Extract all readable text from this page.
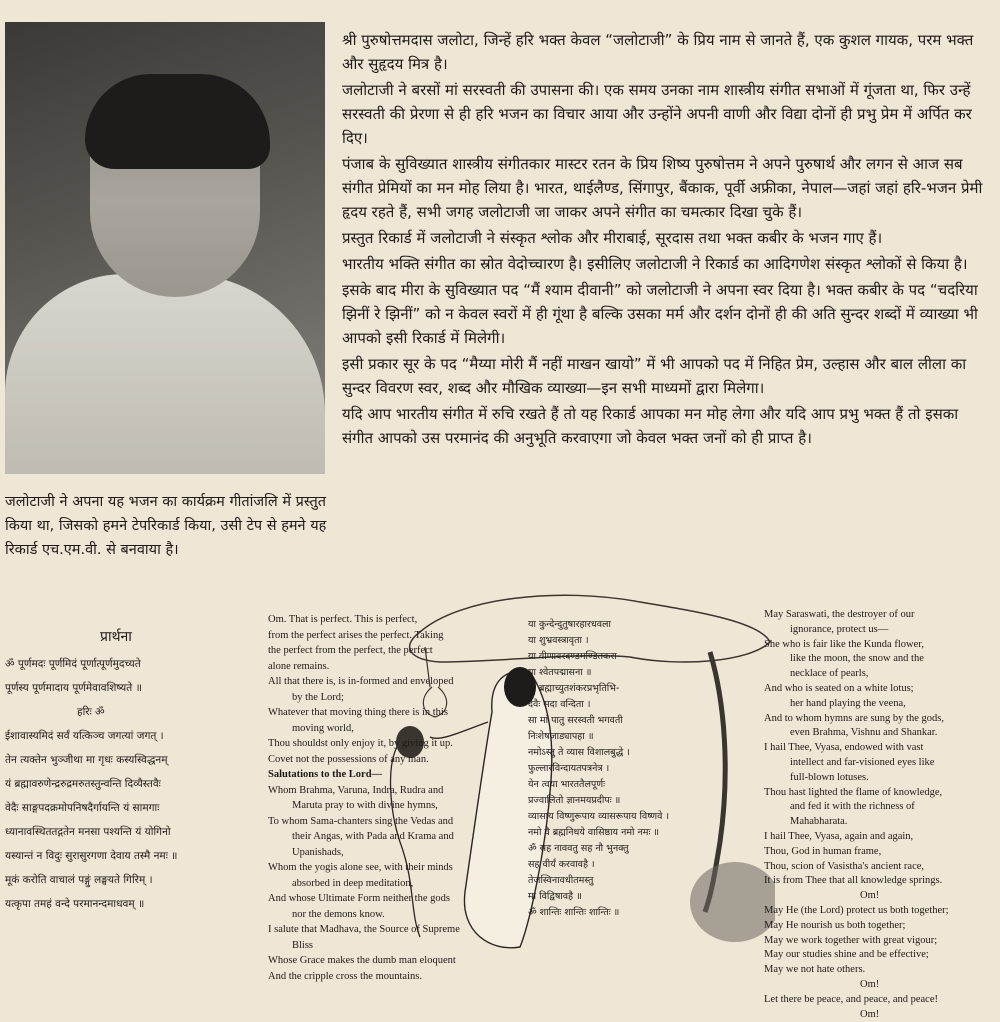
श्री पुरुषोत्तमदास जलोटा, जिन्हें हरि भक्त केवल “जलोटाजी” के प्रिय नाम से जानते हैं, एक कुशल गायक, परम भक्त और सुहृदय मित्र है।

जलोटाजी ने बरसों मां सरस्वती की उपासना की। एक समय उनका नाम शास्त्रीय संगीत सभाओं में गूंजता था, फिर उन्हें सरस्वती की प्रेरणा से ही हरि भजन का विचार आया और उन्होंने अपनी वाणी और विद्या दोनों ही प्रभु प्रेम में अर्पित कर दिए।

पंजाब के सुविख्यात शास्त्रीय संगीतकार मास्टर रतन के प्रिय शिष्य पुरुषोत्तम ने अपने पुरुषार्थ और लगन से आज सब संगीत प्रेमियों का मन मोह लिया है। भारत, थाईलैण्ड, सिंगापुर, बैंकाक, पूर्वी अफ्रीका, नेपाल—जहां जहां हरि-भजन प्रेमी हृदय रहते हैं, सभी जगह जलोटाजी जा जाकर अपने संगीत का चमत्कार दिखा चुके हैं।

प्रस्तुत रिकार्ड में जलोटाजी ने संस्कृत श्लोक और मीराबाई, सूरदास तथा भक्त कबीर के भजन गाए हैं।

भारतीय भक्ति संगीत का स्रोत वेदोच्चारण है। इसीलिए जलोटाजी ने रिकार्ड का आदिगणेश संस्कृत श्लोकों से किया है।

इसके बाद मीरा के सुविख्यात पद “मैं श्याम दीवानी” को जलोटाजी ने अपना स्वर दिया है। भक्त कबीर के पद “चदरिया झिनीं रे झिनीं” को न केवल स्वरों में ही गूंथा है बल्कि उसका मर्म और दर्शन दोनों ही की अति सुन्दर शब्दों में व्याख्या भी आपको इसी रिकार्ड में मिलेगी।

इसी प्रकार सूर के पद “मैय्या मोरी मैं नहीं माखन खायो” में भी आपको पद में निहित प्रेम, उल्हास और बाल लीला का सुन्दर विवरण स्वर, शब्द और मौखिक व्याख्या—इन सभी माध्यमों द्वारा मिलेगा।

यदि आप भारतीय संगीत में रुचि रखते हैं तो यह रिकार्ड आपका मन मोह लेगा और यदि आप प्रभु भक्त हैं तो इसका संगीत आपको उस परमानंद की अनुभूति करवाएगा जो केवल भक्त जनों को ही प्राप्त है।

जलोटाजी ने अपना यह भजन का कार्यक्रम गीतांजलि में प्रस्तुत किया था, जिसको हमने टेपरिकार्ड किया, उसी टेप से हमने यह रिकार्ड एच.एम.वी. से बनवाया है।
प्रार्थना
ॐ पूर्णमदः पूर्णमिदं पूर्णात्पूर्णमुदच्यते
पूर्णस्य पूर्णमादाय पूर्णमेवावशिष्यते ॥
हरिः ॐ
ईशावास्यमिदं सर्वं यत्किञ्च जगत्यां जगत् ।
तेन त्यक्तेन भुञ्जीथा मा गृधः कस्यस्विद्धनम्
यं ब्रह्मावरुणेन्द्ररुद्रमरुतस्तुन्वन्ति दिव्यैस्तवैः
वेदैः साङ्गपदक्रमोपनिषदैर्गायन्ति यं सामगाः
ध्यानावस्थिततद्गतेन मनसा पश्यन्ति यं योगिनो
यस्यान्तं न विदुः सुरासुरगणा देवाय तस्मै नमः ॥
मूकं करोति वाचालं पङ्गुं लङ्घयते गिरिम् ।
यत्कृपा तमहं वन्दे परमानन्दमाधवम् ॥
Om. That is perfect. This is perfect,
from the perfect arises the perfect. Taking
the perfect from the perfect, the perfect
alone remains.
All that there is, is in-formed and enveloped
by the Lord;
Whatever that moving thing there is in this
moving world,
Thou shouldst only enjoy it, by giving it up.
Covet not the possessions of any man.
Salutations to the Lord—
Whom Brahma, Varuna, Indra, Rudra and
Maruta pray to with divine hymns,
To whom Sama-chanters sing the Vedas and
their Angas, with Pada and Krama and
Upanishads,
Whom the yogis alone see, with their minds
absorbed in deep meditation,
And whose Ultimate Form neither the gods
nor the demons know.
I salute that Madhava, the Source of Supreme
Bliss
Whose Grace makes the dumb man eloquent
And the cripple cross the mountains.
या कुन्देन्दुतुषारहारधवला
या शुभ्रवस्त्रावृता ।
या वीणावरदण्डमण्डितकरा
या श्वेतपद्मासना ॥
या ब्रह्माच्युतशंकरप्रभृतिभि-
र्देवैः सदा वन्दिता ।
सा मां पातु सरस्वती भगवती
निःशेषजाड्यापहा ॥
नमोऽस्तु ते व्यास विशालबुद्धे ।
फुल्लारविन्दायतपत्रनेत्र ।
येन त्वया भारततैलपूर्णः
प्रज्वालितो ज्ञानमयप्रदीपः ॥
व्यासाय विष्णुरूपाय व्यासरूपाय विष्णवे ।
नमो वै ब्रह्मनिधये वासिष्ठाय नमो नमः ॥
ॐ सह नाववतु सह नौ भुनक्तु
सह वीर्यं करवावहै ।
तेजस्विनावधीतमस्तु
मा विद्विषावहै ॥
ॐ शान्तिः शान्तिः शान्तिः ॥
May Saraswati, the destroyer of our
ignorance, protect us—
She who is fair like the Kunda flower,
like the moon, the snow and the
necklace of pearls,
And who is seated on a white lotus;
her hand playing the veena,
And to whom hymns are sung by the gods,
even Brahma, Vishnu and Shankar.
I hail Thee, Vyasa, endowed with vast
intellect and far-visioned eyes like
full-blown lotuses.
Thou hast lighted the flame of knowledge,
and fed it with the richness of
Mahabharata.
I hail Thee, Vyasa, again and again,
Thou, God in human frame,
Thou, scion of Vasistha's ancient race,
It is from Thee that all knowledge springs.
Om!
May He (the Lord) protect us both together;
May He nourish us both together;
May we work together with great vigour;
May our studies shine and be effective;
May we not hate others.
Om!
Let there be peace, and peace, and peace!
Om!
